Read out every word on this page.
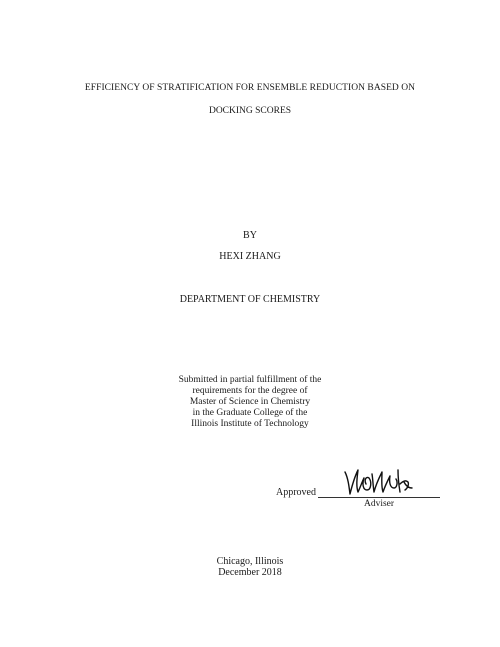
EFFICIENCY OF STRATIFICATION FOR ENSEMBLE REDUCTION BASED ON
DOCKING SCORES
BY
HEXI ZHANG
DEPARTMENT OF CHEMISTRY
Submitted in partial fulfillment of the
requirements for the degree of
Master of Science in Chemistry
in the Graduate College of the
Illinois Institute of Technology
Approved
Adviser
Chicago, Illinois
December 2018
